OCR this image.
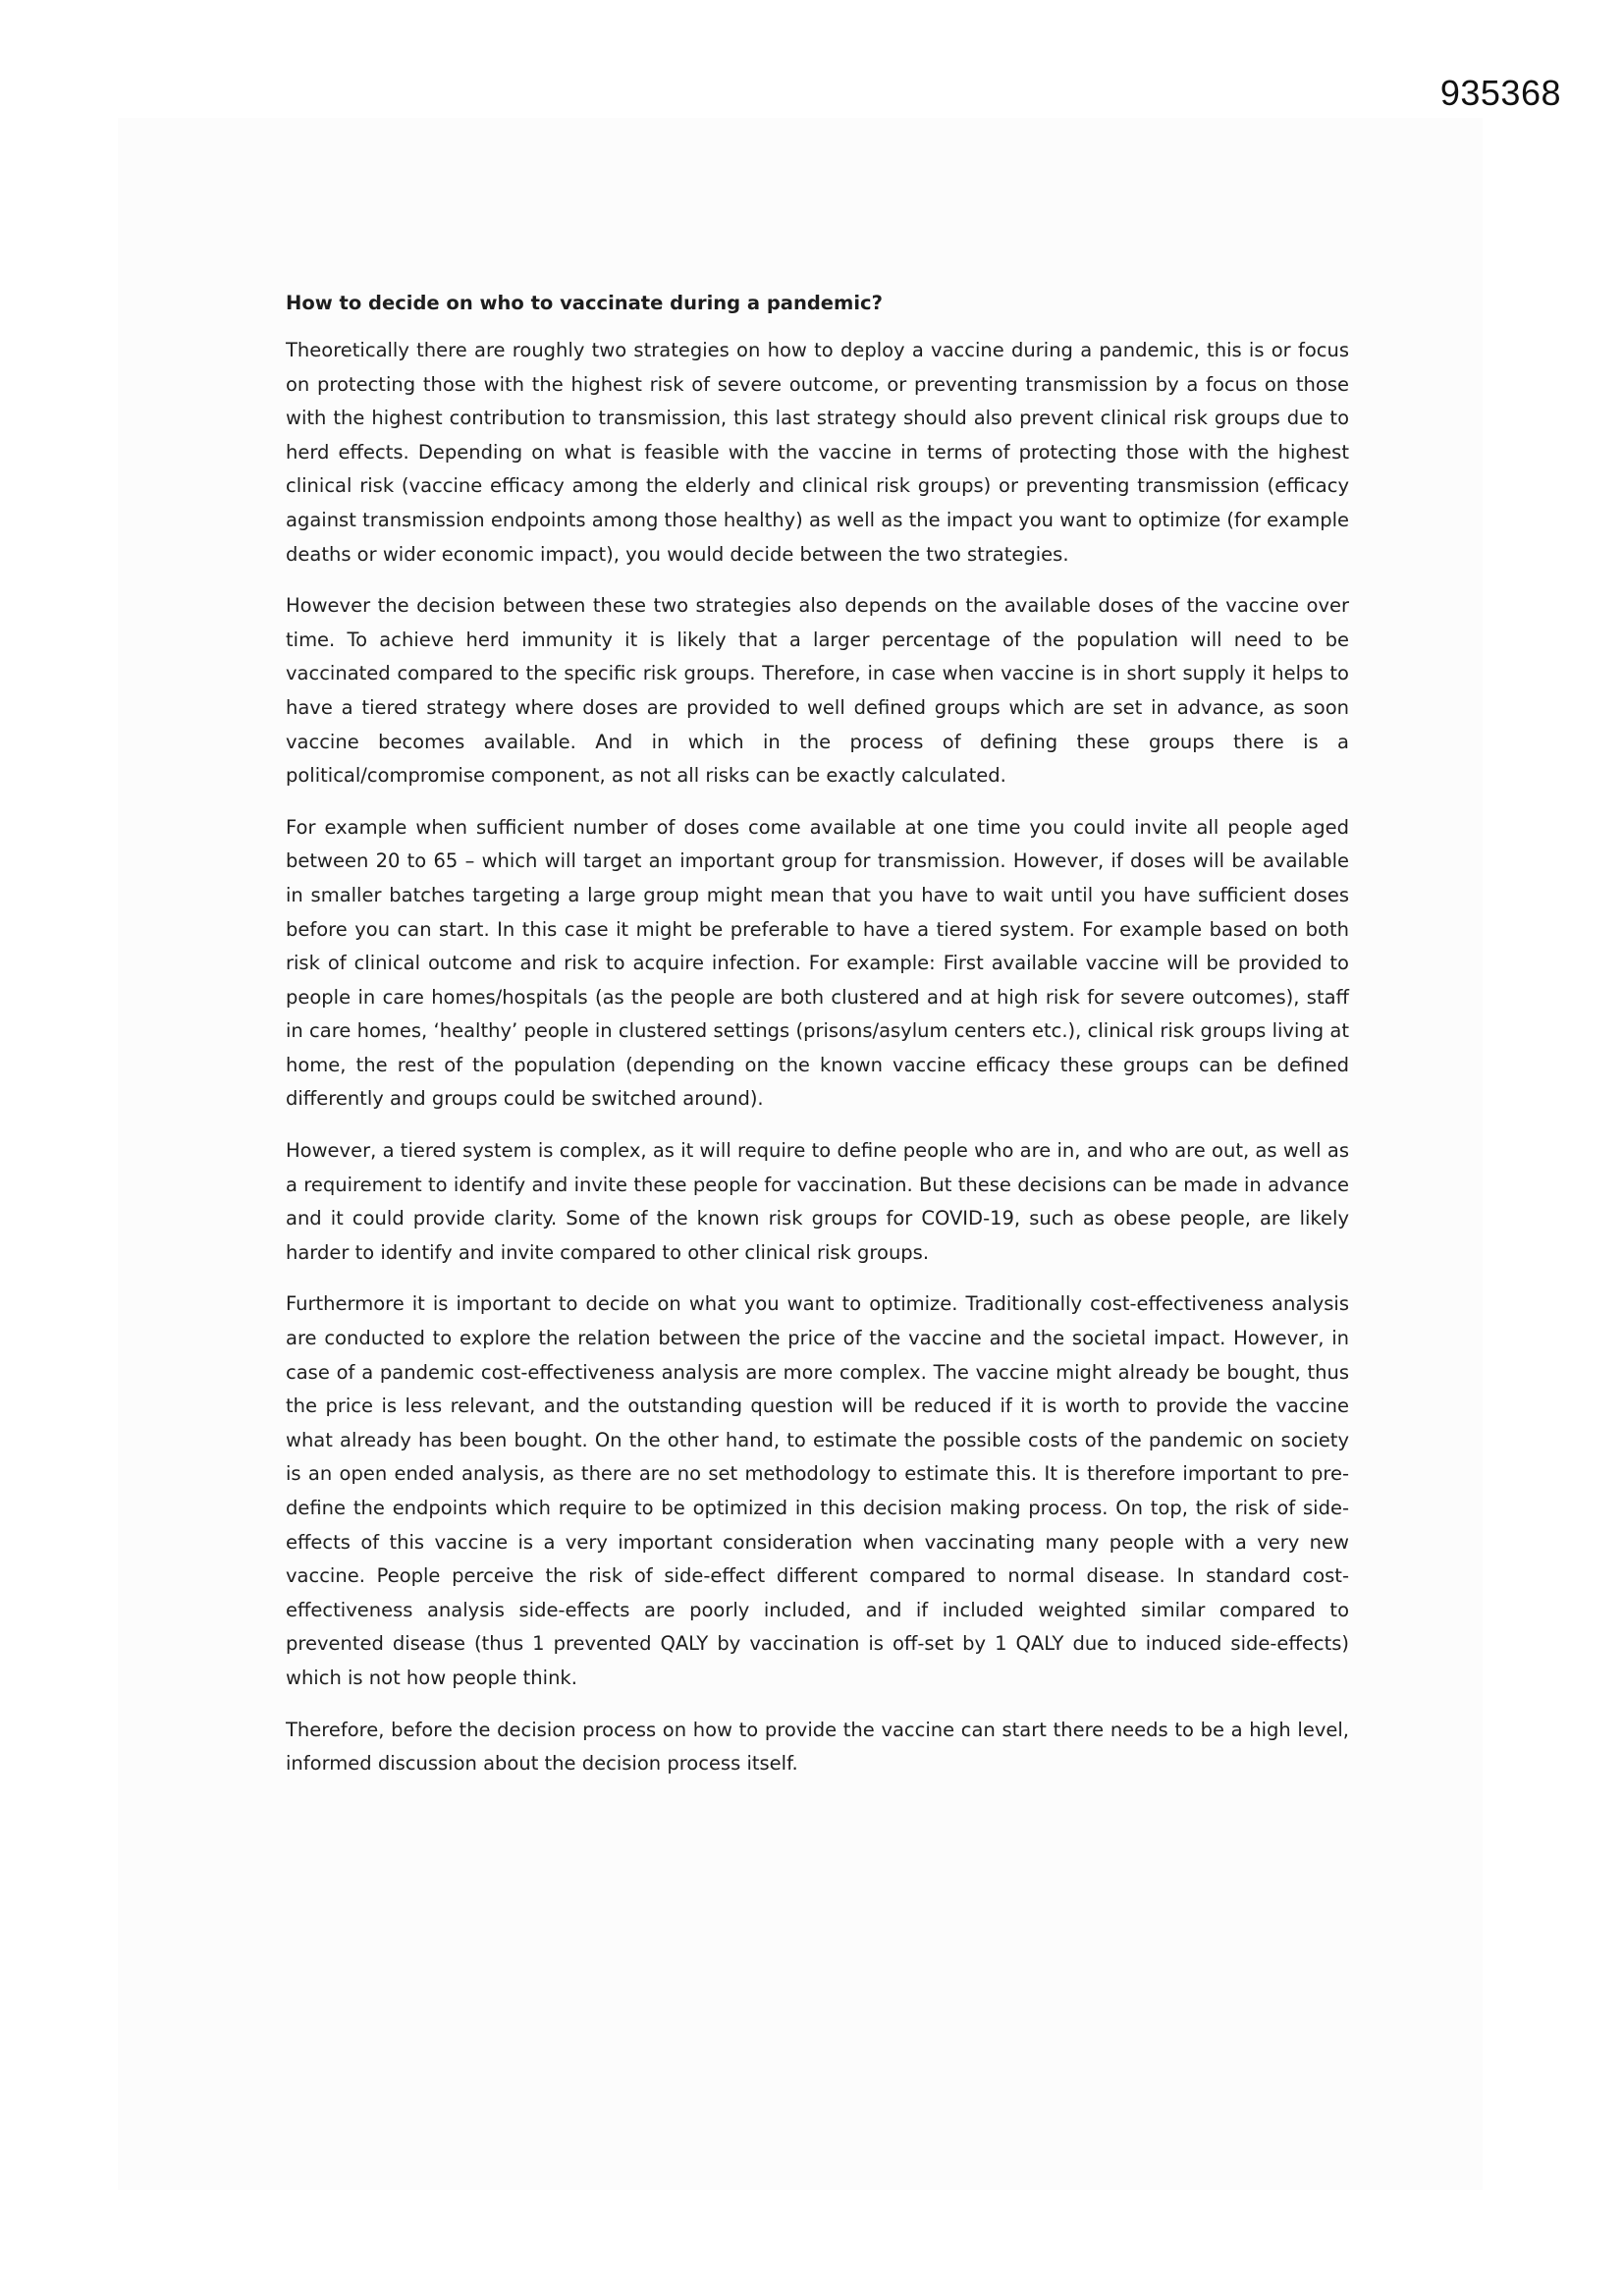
935368
How to decide on who to vaccinate during a pandemic?

Theoretically there are roughly two strategies on how to deploy a vaccine during a pandemic, this is or focus on protecting those with the highest risk of severe outcome, or preventing transmission by a focus on those with the highest contribution to transmission, this last strategy should also prevent clinical risk groups due to herd effects. Depending on what is feasible with the vaccine in terms of protecting those with the highest clinical risk (vaccine efficacy among the elderly and clinical risk groups) or preventing transmission (efficacy against transmission endpoints among those healthy) as well as the impact you want to optimize (for example deaths or wider economic impact), you would decide between the two strategies.

However the decision between these two strategies also depends on the available doses of the vaccine over time. To achieve herd immunity it is likely that a larger percentage of the population will need to be vaccinated compared to the specific risk groups. Therefore, in case when vaccine is in short supply it helps to have a tiered strategy where doses are provided to well defined groups which are set in advance, as soon vaccine becomes available. And in which in the process of defining these groups there is a political/compromise component, as not all risks can be exactly calculated.

For example when sufficient number of doses come available at one time you could invite all people aged between 20 to 65 – which will target an important group for transmission. However, if doses will be available in smaller batches targeting a large group might mean that you have to wait until you have sufficient doses before you can start. In this case it might be preferable to have a tiered system. For example based on both risk of clinical outcome and risk to acquire infection. For example: First available vaccine will be provided to people in care homes/hospitals (as the people are both clustered and at high risk for severe outcomes), staff in care homes, ‘healthy’ people in clustered settings (prisons/asylum centers etc.), clinical risk groups living at home, the rest of the population (depending on the known vaccine efficacy these groups can be defined differently and groups could be switched around).

However, a tiered system is complex, as it will require to define people who are in, and who are out, as well as a requirement to identify and invite these people for vaccination. But these decisions can be made in advance and it could provide clarity. Some of the known risk groups for COVID-19, such as obese people, are likely harder to identify and invite compared to other clinical risk groups.

Furthermore it is important to decide on what you want to optimize. Traditionally cost-effectiveness analysis are conducted to explore the relation between the price of the vaccine and the societal impact. However, in case of a pandemic cost-effectiveness analysis are more complex. The vaccine might already be bought, thus the price is less relevant, and the outstanding question will be reduced if it is worth to provide the vaccine what already has been bought. On the other hand, to estimate the possible costs of the pandemic on society is an open ended analysis, as there are no set methodology to estimate this. It is therefore important to pre-define the endpoints which require to be optimized in this decision making process. On top, the risk of side-effects of this vaccine is a very important consideration when vaccinating many people with a very new vaccine. People perceive the risk of side-effect different compared to normal disease. In standard cost-effectiveness analysis side-effects are poorly included, and if included weighted similar compared to prevented disease (thus 1 prevented QALY by vaccination is off-set by 1 QALY due to induced side-effects) which is not how people think.

Therefore, before the decision process on how to provide the vaccine can start there needs to be a high level, informed discussion about the decision process itself.
